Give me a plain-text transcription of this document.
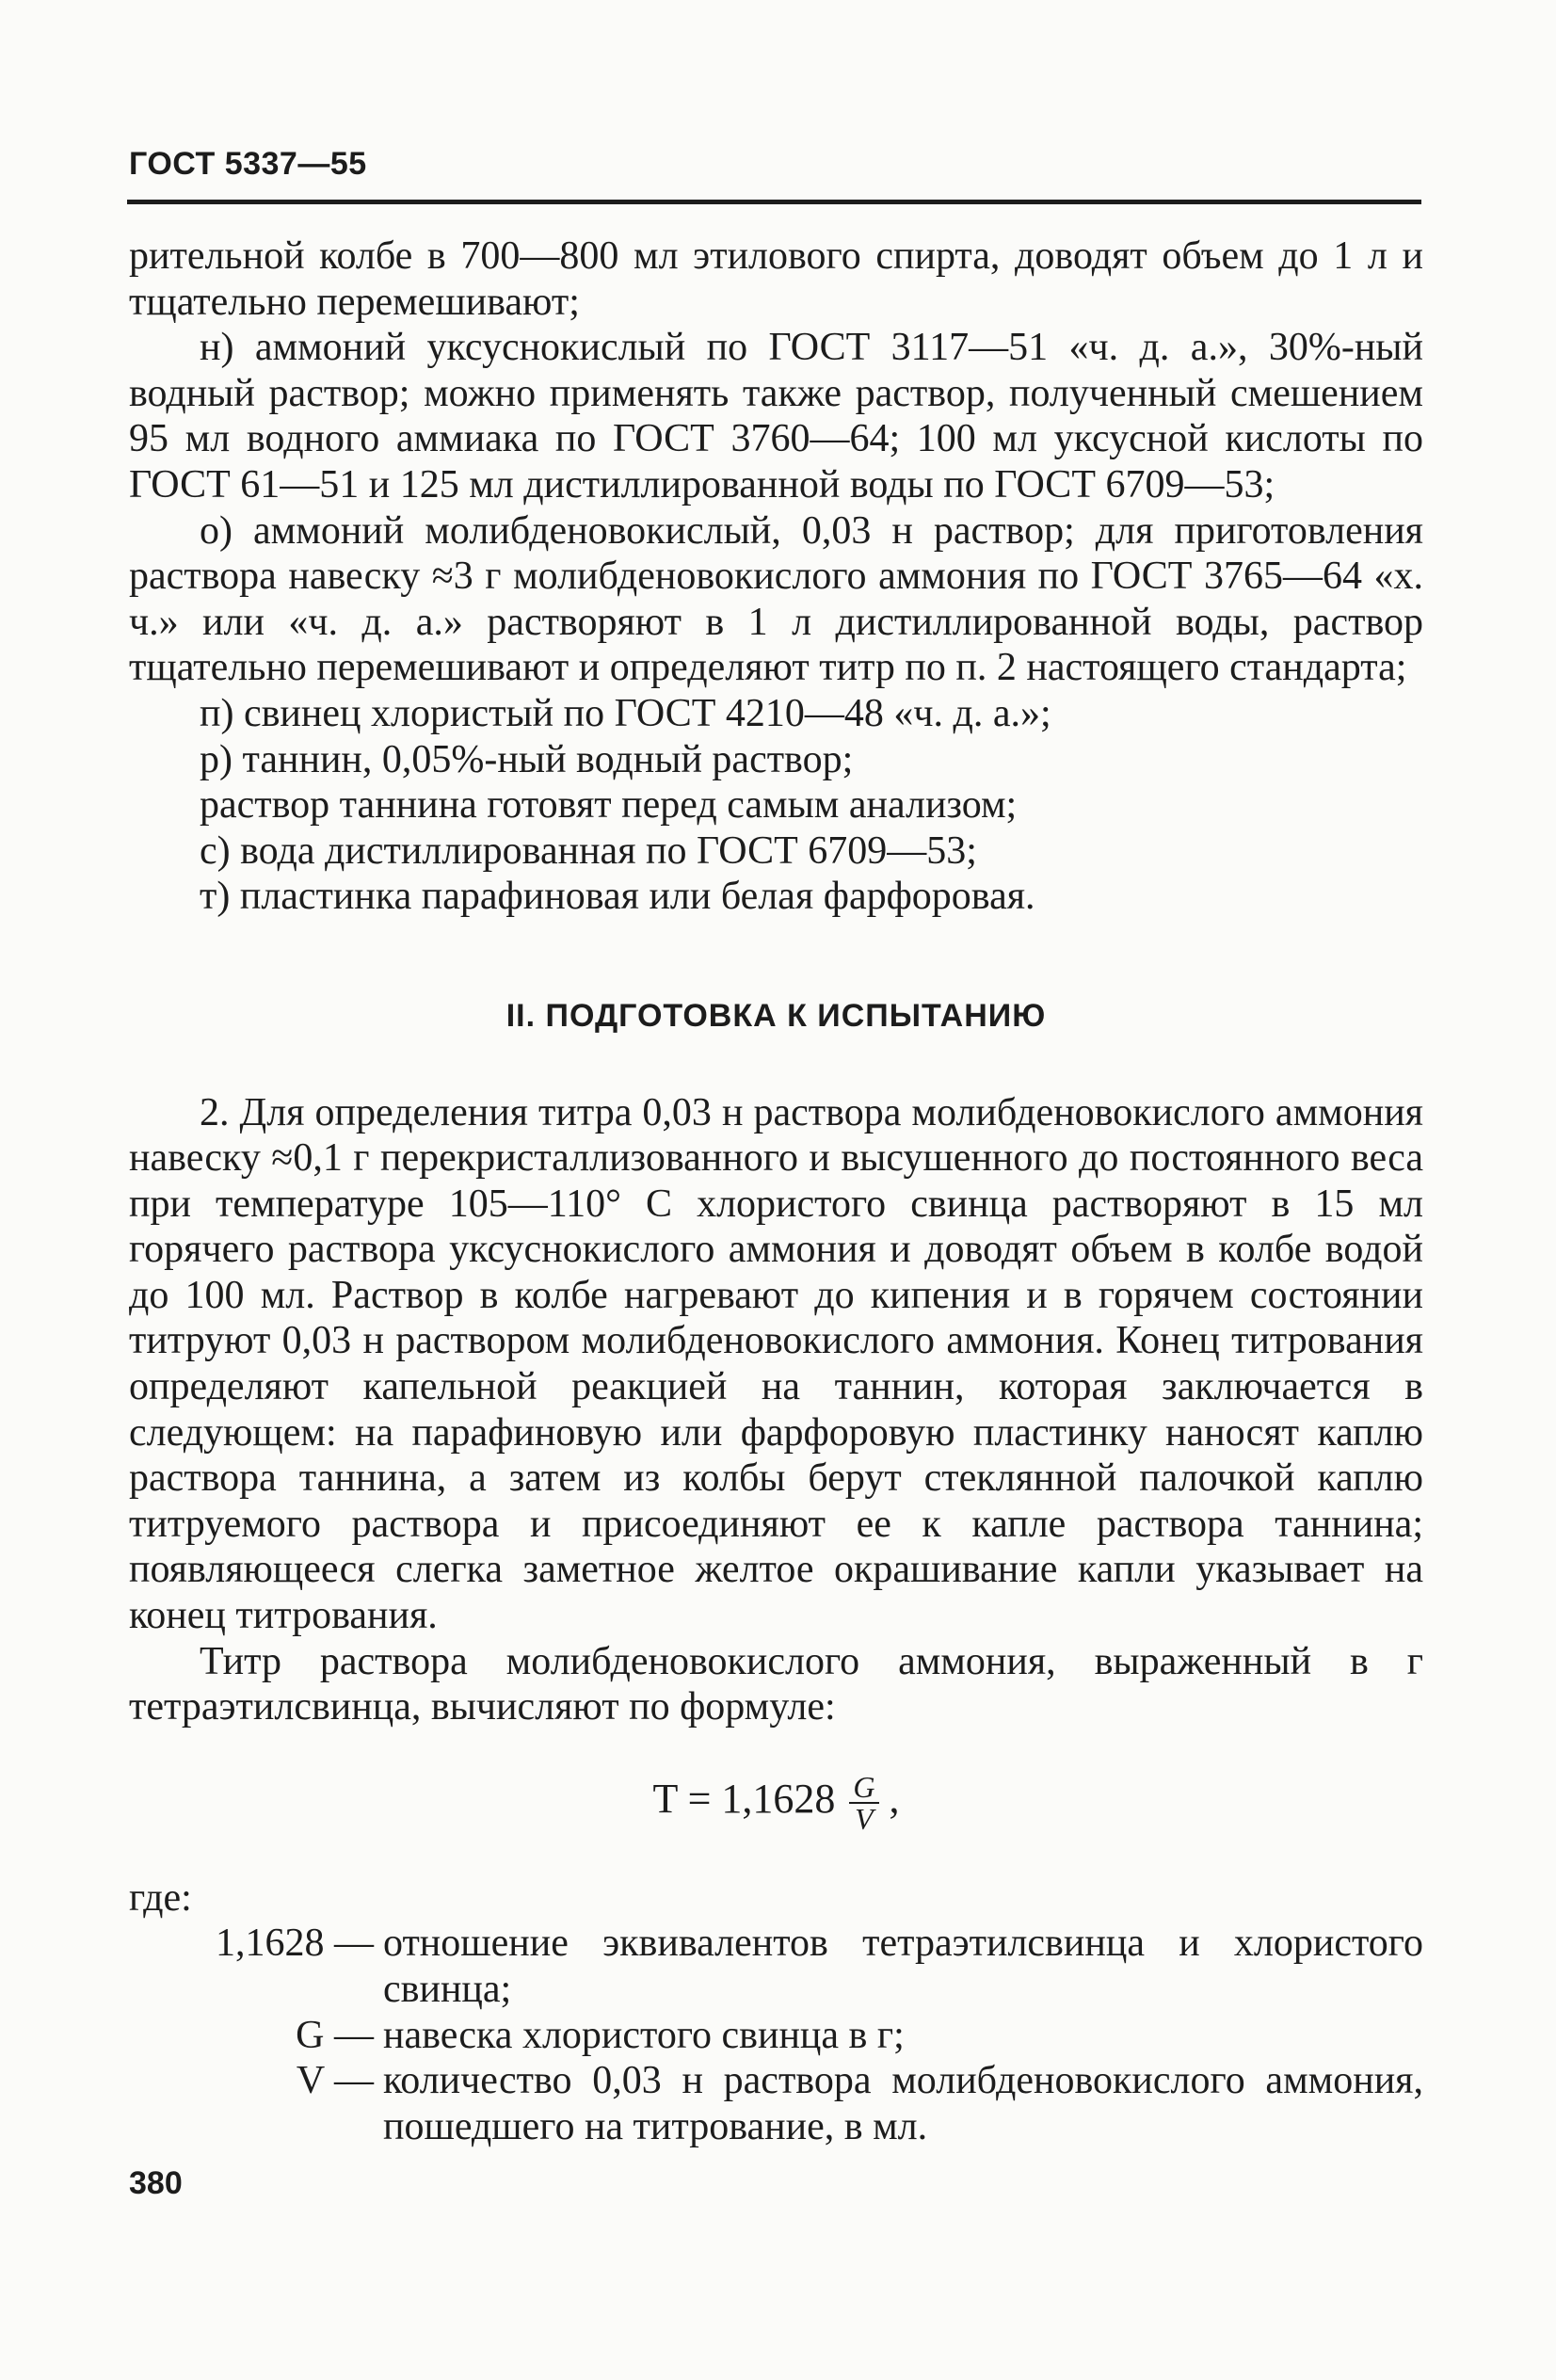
ГОСТ 5337—55

рительной колбе в 700—800 мл этилового спирта, доводят объем до 1 л и тщательно перемешивают;

н) аммоний уксуснокислый по ГОСТ 3117—51 «ч. д. а.», 30%-ный водный раствор; можно применять также раствор, полученный смешением 95 мл водного аммиака по ГОСТ 3760—64; 100 мл уксусной кислоты по ГОСТ 61—51 и 125 мл дистиллированной воды по ГОСТ 6709—53;

о) аммоний молибденовокислый, 0,03 н раствор; для приготовления раствора навеску ≈3 г молибденовокислого аммония по ГОСТ 3765—64 «х. ч.» или «ч. д. а.» растворяют в 1 л дистиллированной воды, раствор тщательно перемешивают и определяют титр по п. 2 настоящего стандарта;

п) свинец хлористый по ГОСТ 4210—48 «ч. д. а.»;

р) таннин, 0,05%-ный водный раствор;

раствор таннина готовят перед самым анализом;

с) вода дистиллированная по ГОСТ 6709—53;

т) пластинка парафиновая или белая фарфоровая.

II. ПОДГОТОВКА К ИСПЫТАНИЮ

2. Для определения титра 0,03 н раствора молибденовокислого аммония навеску ≈0,1 г перекристаллизованного и высушенного до постоянного веса при температуре 105—110° С хлористого свинца растворяют в 15 мл горячего раствора уксуснокислого аммония и доводят объем в колбе водой до 100 мл. Раствор в колбе нагревают до кипения и в горячем состоянии титруют 0,03 н раствором молибденовокислого аммония. Конец титрования определяют капельной реакцией на таннин, которая заключается в следующем: на парафиновую или фарфоровую пластинку наносят каплю раствора таннина, а затем из колбы берут стеклянной палочкой каплю титруемого раствора и присоединяют ее к капле раствора таннина; появляющееся слегка заметное желтое окрашивание капли указывает на конец титрования.

Титр раствора молибденовокислого аммония, выраженный в г тетраэтилсвинца, вычисляют по формуле:

$T = 1,1628 \frac{G}{V}$ ,

где:

1,1628 — отношение эквивалентов тетраэтилсвинца и хлористого свинца;
G — навеска хлористого свинца в г;
V — количество 0,03 н раствора молибденовокислого аммония, пошедшего на титрование, в мл.
380
